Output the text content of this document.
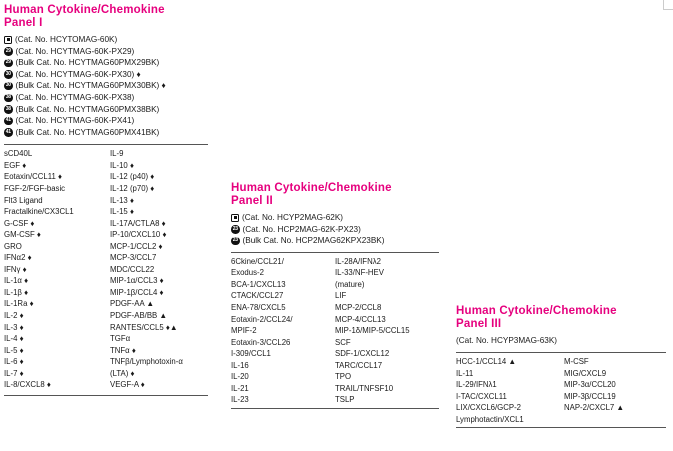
Human Cytokine/Chemokine
Panel I
(Cat. No. HCYTOMAG-60K)
29 (Cat. No. HCYTMAG-60K-PX29)
29 (Bulk Cat. No. HCYTMAG60PMX29BK)
30 (Cat. No. HCYTMAG-60K-PX30) ♦
30 (Bulk Cat. No. HCYTMAG60PMX30BK) ♦
38 (Cat. No. HCYTMAG-60K-PX38)
38 (Bulk Cat. No. HCYTMAG60PMX38BK)
41 (Cat. No. HCYTMAG-60K-PX41)
41 (Bulk Cat. No. HCYTMAG60PMX41BK)
sCD40L
EGF ♦
Eotaxin/CCL11 ♦
FGF-2/FGF-basic
Flt3 Ligand
Fractalkine/CX3CL1
G-CSF ♦
GM-CSF ♦
GRO
IFNα2 ♦
IFNγ ♦
IL-1α ♦
IL-1β ♦
IL-1Ra ♦
IL-2 ♦
IL-3 ♦
IL-4 ♦
IL-5 ♦
IL-6 ♦
IL-7 ♦
IL-8/CXCL8 ♦
IL-9
IL-10 ♦
IL-12 (p40) ♦
IL-12 (p70) ♦
IL-13 ♦
IL-15 ♦
IL-17A/CTLA8 ♦
IP-10/CXCL10 ♦
MCP-1/CCL2 ♦
MCP-3/CCL7
MDC/CCL22
MIP-1α/CCL3 ♦
MIP-1β/CCL4 ♦
PDGF-AA ▲
PDGF-AB/BB ▲
RANTES/CCL5 ♦▲
TGFα
TNFα ♦
TNFβ/Lymphotoxin-α
(LTA) ♦
VEGF-A ♦
Human Cytokine/Chemokine
Panel II
(Cat. No. HCYP2MAG-62K)
23 (Cat. No. HCP2MAG-62K-PX23)
23 (Bulk Cat. No. HCP2MAG62KPX23BK)
6Ckine/CCL21/
Exodus-2
BCA-1/CXCL13
CTACK/CCL27
ENA-78/CXCL5
Eotaxin-2/CCL24/
MPIF-2
Eotaxin-3/CCL26
I-309/CCL1
IL-16
IL-20
IL-21
IL-23
IL-28A/IFNλ2
IL-33/NF-HEV
(mature)
LIF
MCP-2/CCL8
MCP-4/CCL13
MIP-1δ/MIP-5/CCL15
SCF
SDF-1/CXCL12
TARC/CCL17
TPO
TRAIL/TNFSF10
TSLP
Human Cytokine/Chemokine
Panel III
(Cat. No. HCYP3MAG-63K)
HCC-1/CCL14 ▲
IL-11
IL-29/IFNλ1
I-TAC/CXCL11
LIX/CXCL6/GCP-2
Lymphotactin/XCL1
M-CSF
MIG/CXCL9
MIP-3α/CCL20
MIP-3β/CCL19
NAP-2/CXCL7 ▲
